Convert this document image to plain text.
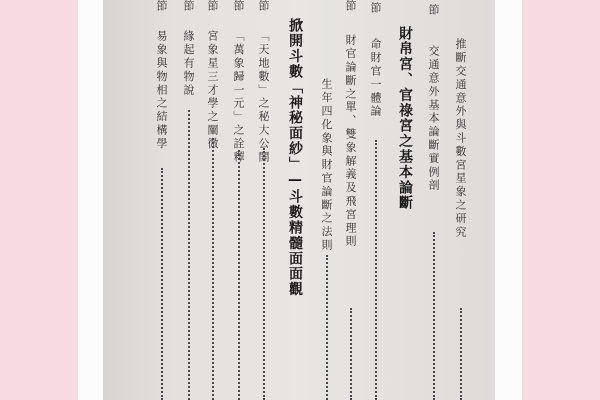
節
節
節
節
節
節
節
節
推斷交通意外與斗數宮星象之研究
交通意外基本論斷實例剖
財帛宮、官祿宮之基本論斷
命財官一體論
財官論斷之單、雙象解義及飛宮理則
生年四化象與財官論斷之法則
掀開斗數「神秘面紗」—斗數精髓面面觀
「天地數」之秘大公開
「萬象歸一元」之詮釋
宮象星三才學之闡微
緣起有物說
易象與物相之結構學
